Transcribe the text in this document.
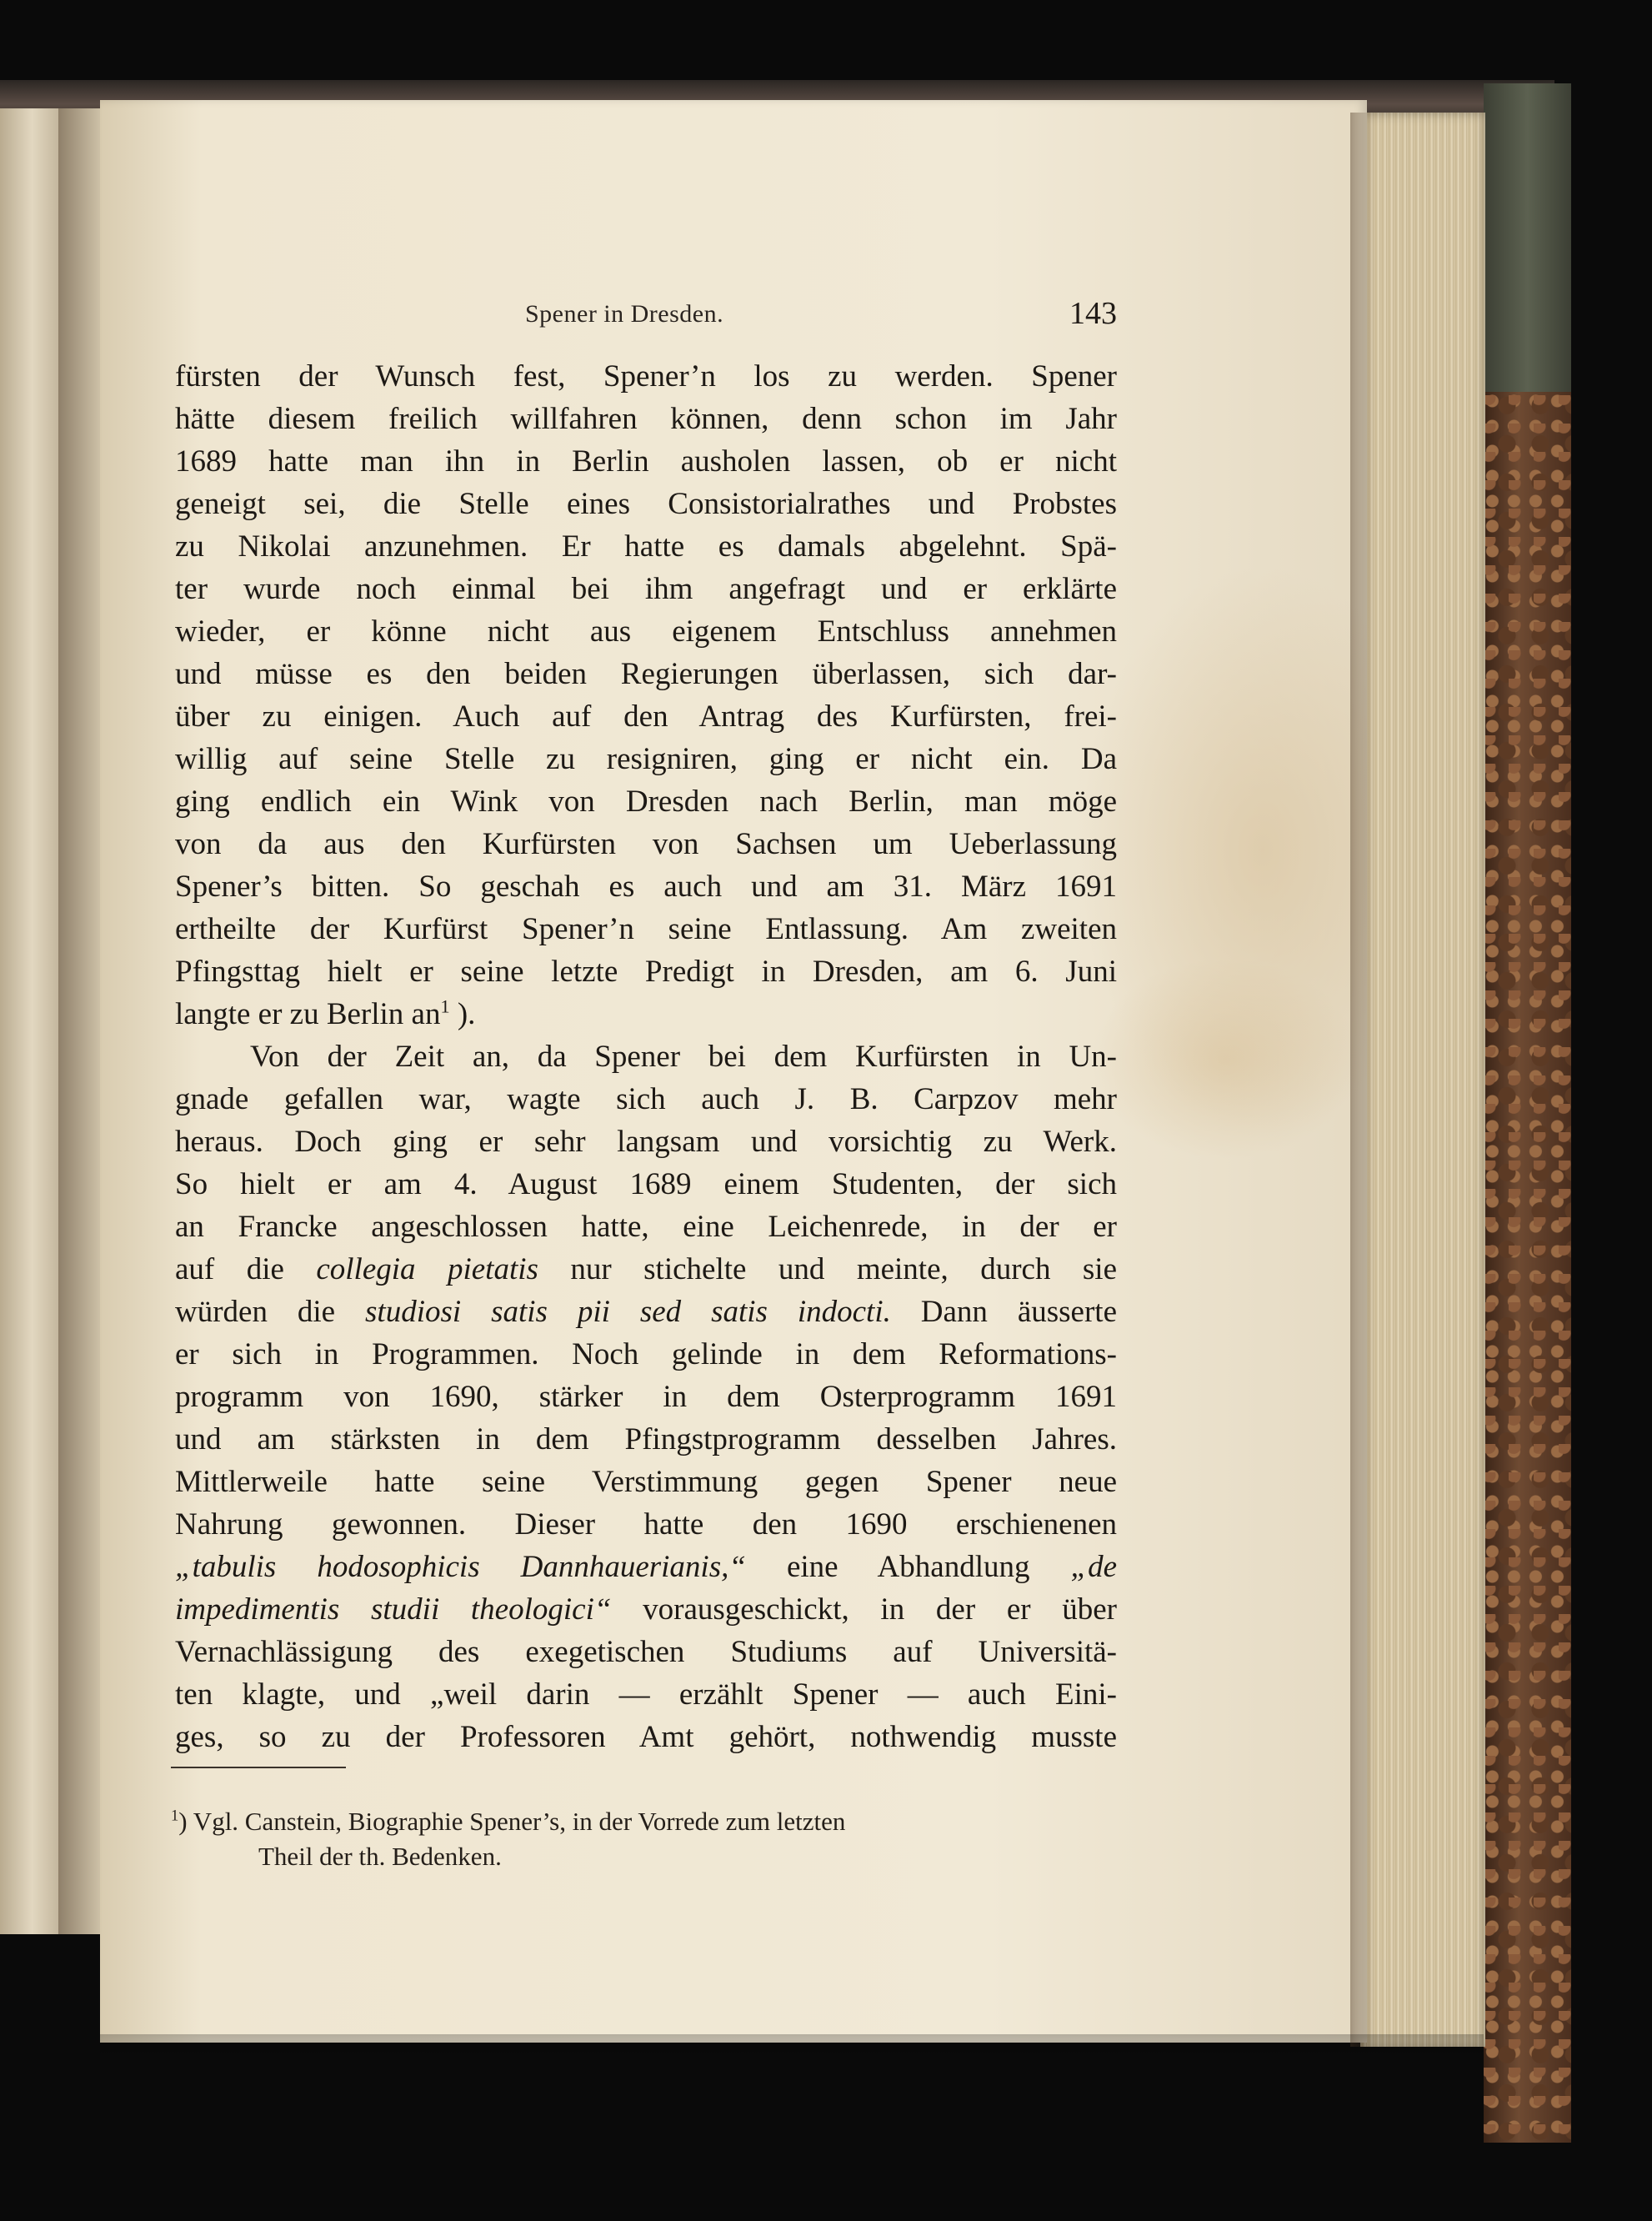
Spener in Dresden.	143
fürsten der Wunsch fest, Spener’n los zu werden. Spener
hätte diesem freilich willfahren können, denn schon im Jahr
1689 hatte man ihn in Berlin ausholen lassen, ob er nicht
geneigt sei, die Stelle eines Consistorialrathes und Probstes
zu Nikolai anzunehmen. Er hatte es damals abgelehnt. Spä-
ter wurde noch einmal bei ihm angefragt und er erklärte
wieder, er könne nicht aus eigenem Entschluss annehmen
und müsse es den beiden Regierungen überlassen, sich dar-
über zu einigen. Auch auf den Antrag des Kurfürsten, frei-
willig auf seine Stelle zu resigniren, ging er nicht ein. Da
ging endlich ein Wink von Dresden nach Berlin, man möge
von da aus den Kurfürsten von Sachsen um Ueberlassung
Spener’s bitten. So geschah es auch und am 31. März 1691
ertheilte der Kurfürst Spener’n seine Entlassung. Am zweiten
Pfingsttag hielt er seine letzte Predigt in Dresden, am 6. Juni
langte er zu Berlin $an^1$ ).
Von der Zeit an, da Spener bei dem Kurfürsten in Un-
gnade gefallen war, wagte sich auch J. B. Carpzov mehr
heraus. Doch ging er sehr langsam und vorsichtig zu Werk.
So hielt er am 4. August 1689 einem Studenten, der sich
an Francke angeschlossen hatte, eine Leichenrede, in der er
auf die collegia pietatis nur stichelte und meinte, durch sie
würden die studiosi satis pii sed satis indocti. Dann äusserte
er sich in Programmen. Noch gelinde in dem Reformations-
programm von 1690, stärker in dem Osterprogramm 1691
und am stärksten in dem Pfingstprogramm desselben Jahres.
Mittlerweile hatte seine Verstimmung gegen Spener neue
Nahrung gewonnen. Dieser hatte den 1690 erschienenen
„tabulis hodosophicis Dannhauerianis,“ eine Abhandlung „de
impedimentis studii theologici“ vorausgeschickt, in der er über
Vernachlässigung des exegetischen Studiums auf Universitä-
ten klagte, und „weil darin — erzählt Spener — auch Eini-
ges, so zu der Professoren Amt gehört, nothwendig musste
$^1$) Vgl. Canstein, Biographie Spener’s, in der Vorrede zum letzten
Theil der th. Bedenken.
